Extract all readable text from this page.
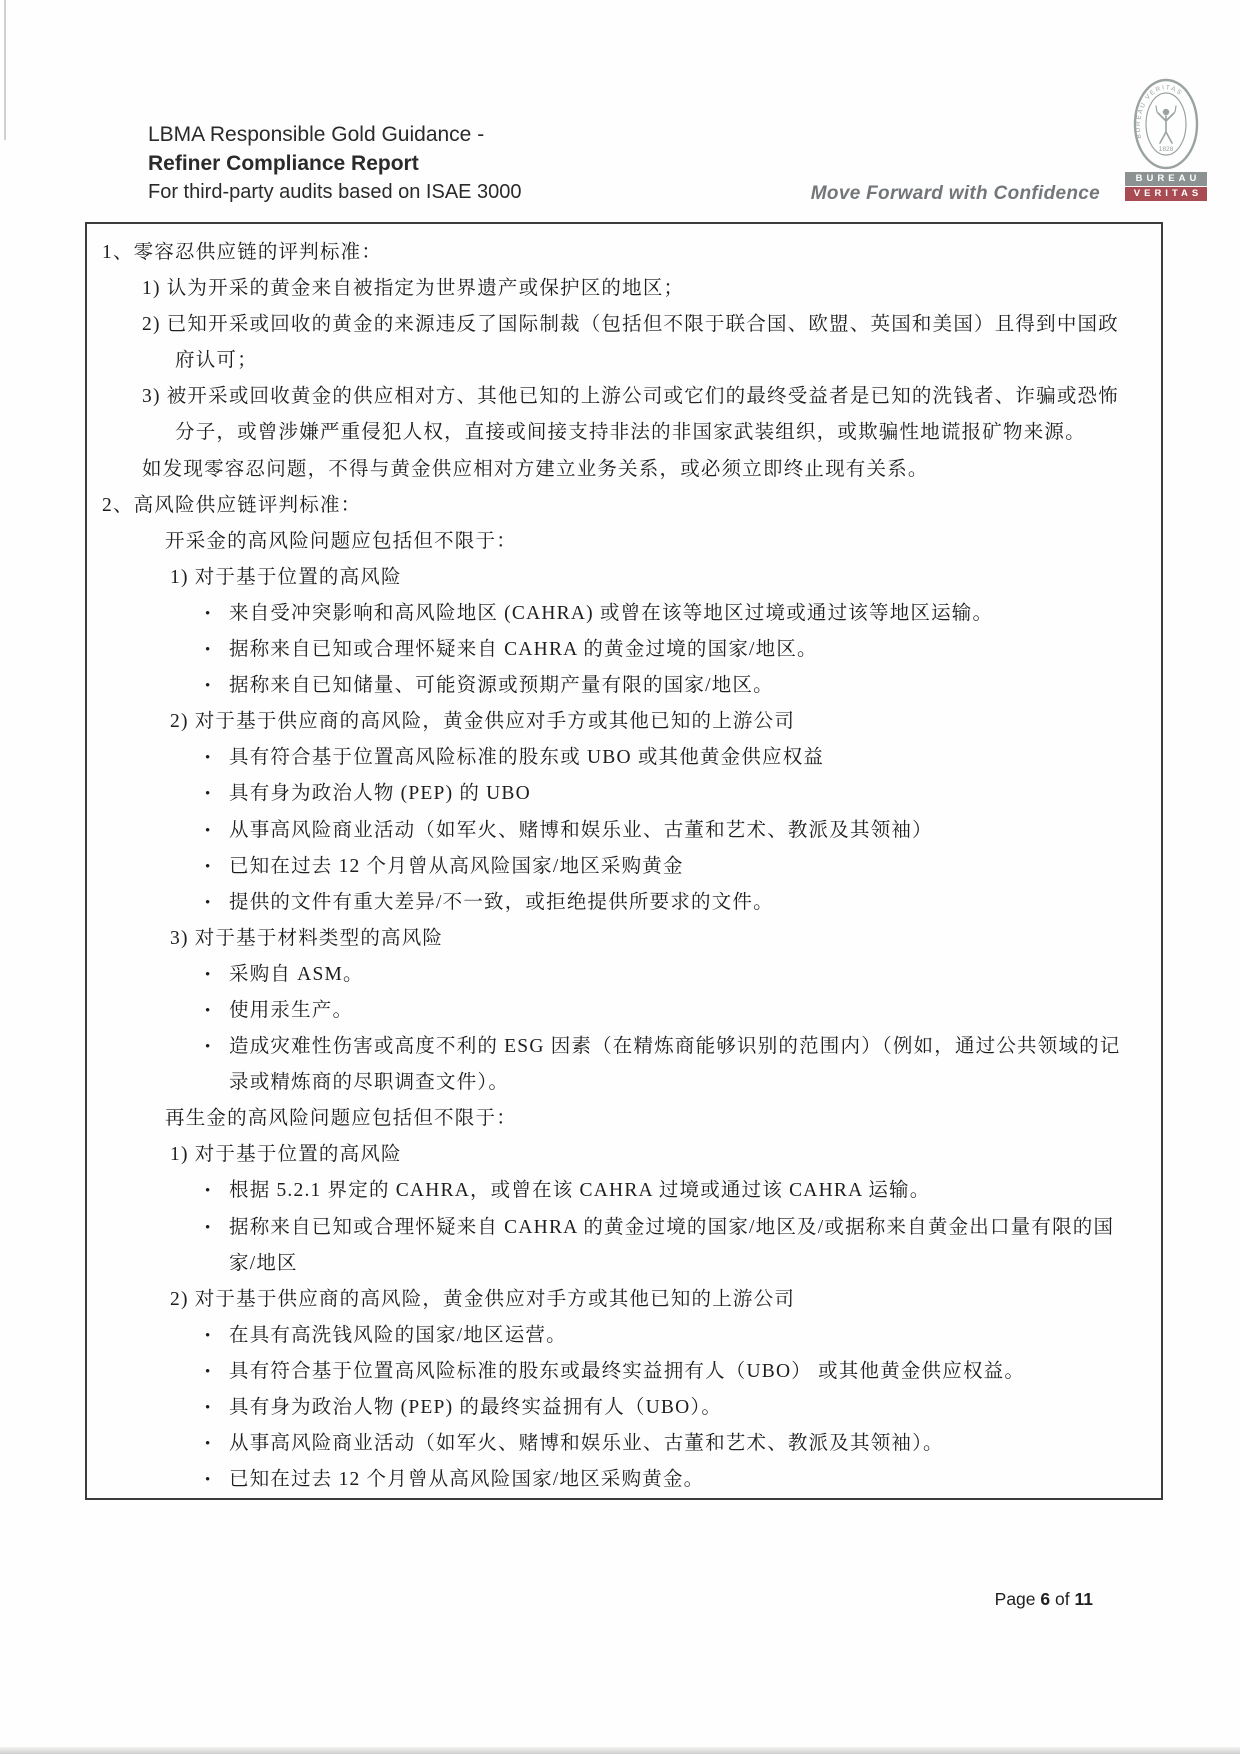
LBMA Responsible Gold Guidance -
Refiner Compliance Report
For third-party audits based on ISAE 3000	Move Forward with Confidence
BUREAU VERITAS
1828
BUREAU
VERITAS
1、零容忍供应链的评判标准：
1) 认为开采的黄金来自被指定为世界遗产或保护区的地区；
2) 已知开采或回收的黄金的来源违反了国际制裁（包括但不限于联合国、欧盟、英国和美国）且得到中国政
府认可；
3) 被开采或回收黄金的供应相对方、其他已知的上游公司或它们的最终受益者是已知的洗钱者、诈骗或恐怖
分子，或曾涉嫌严重侵犯人权，直接或间接支持非法的非国家武装组织，或欺骗性地谎报矿物来源。
如发现零容忍问题，不得与黄金供应相对方建立业务关系，或必须立即终止现有关系。
2、高风险供应链评判标准：
开采金的高风险问题应包括但不限于：
1) 对于基于位置的高风险
• 来自受冲突影响和高风险地区 (CAHRA) 或曾在该等地区过境或通过该等地区运输。
• 据称来自已知或合理怀疑来自 CAHRA 的黄金过境的国家/地区。
• 据称来自已知储量、可能资源或预期产量有限的国家/地区。
2) 对于基于供应商的高风险，黄金供应对手方或其他已知的上游公司
• 具有符合基于位置高风险标准的股东或 UBO 或其他黄金供应权益
• 具有身为政治人物 (PEP) 的 UBO
• 从事高风险商业活动（如军火、赌博和娱乐业、古董和艺术、教派及其领袖）
• 已知在过去 12 个月曾从高风险国家/地区采购黄金
• 提供的文件有重大差异/不一致，或拒绝提供所要求的文件。
3) 对于基于材料类型的高风险
• 采购自 ASM。
• 使用汞生产。
• 造成灾难性伤害或高度不利的 ESG 因素（在精炼商能够识别的范围内）（例如，通过公共领域的记
录或精炼商的尽职调查文件）。
再生金的高风险问题应包括但不限于：
1) 对于基于位置的高风险
• 根据 5.2.1 界定的 CAHRA，或曾在该 CAHRA 过境或通过该 CAHRA 运输。
• 据称来自已知或合理怀疑来自 CAHRA 的黄金过境的国家/地区及/或据称来自黄金出口量有限的国
家/地区
2) 对于基于供应商的高风险，黄金供应对手方或其他已知的上游公司
• 在具有高洗钱风险的国家/地区运营。
• 具有符合基于位置高风险标准的股东或最终实益拥有人（UBO） 或其他黄金供应权益。
• 具有身为政治人物 (PEP) 的最终实益拥有人（UBO）。
• 从事高风险商业活动（如军火、赌博和娱乐业、古董和艺术、教派及其领袖）。
• 已知在过去 12 个月曾从高风险国家/地区采购黄金。
Page 6 of 11
